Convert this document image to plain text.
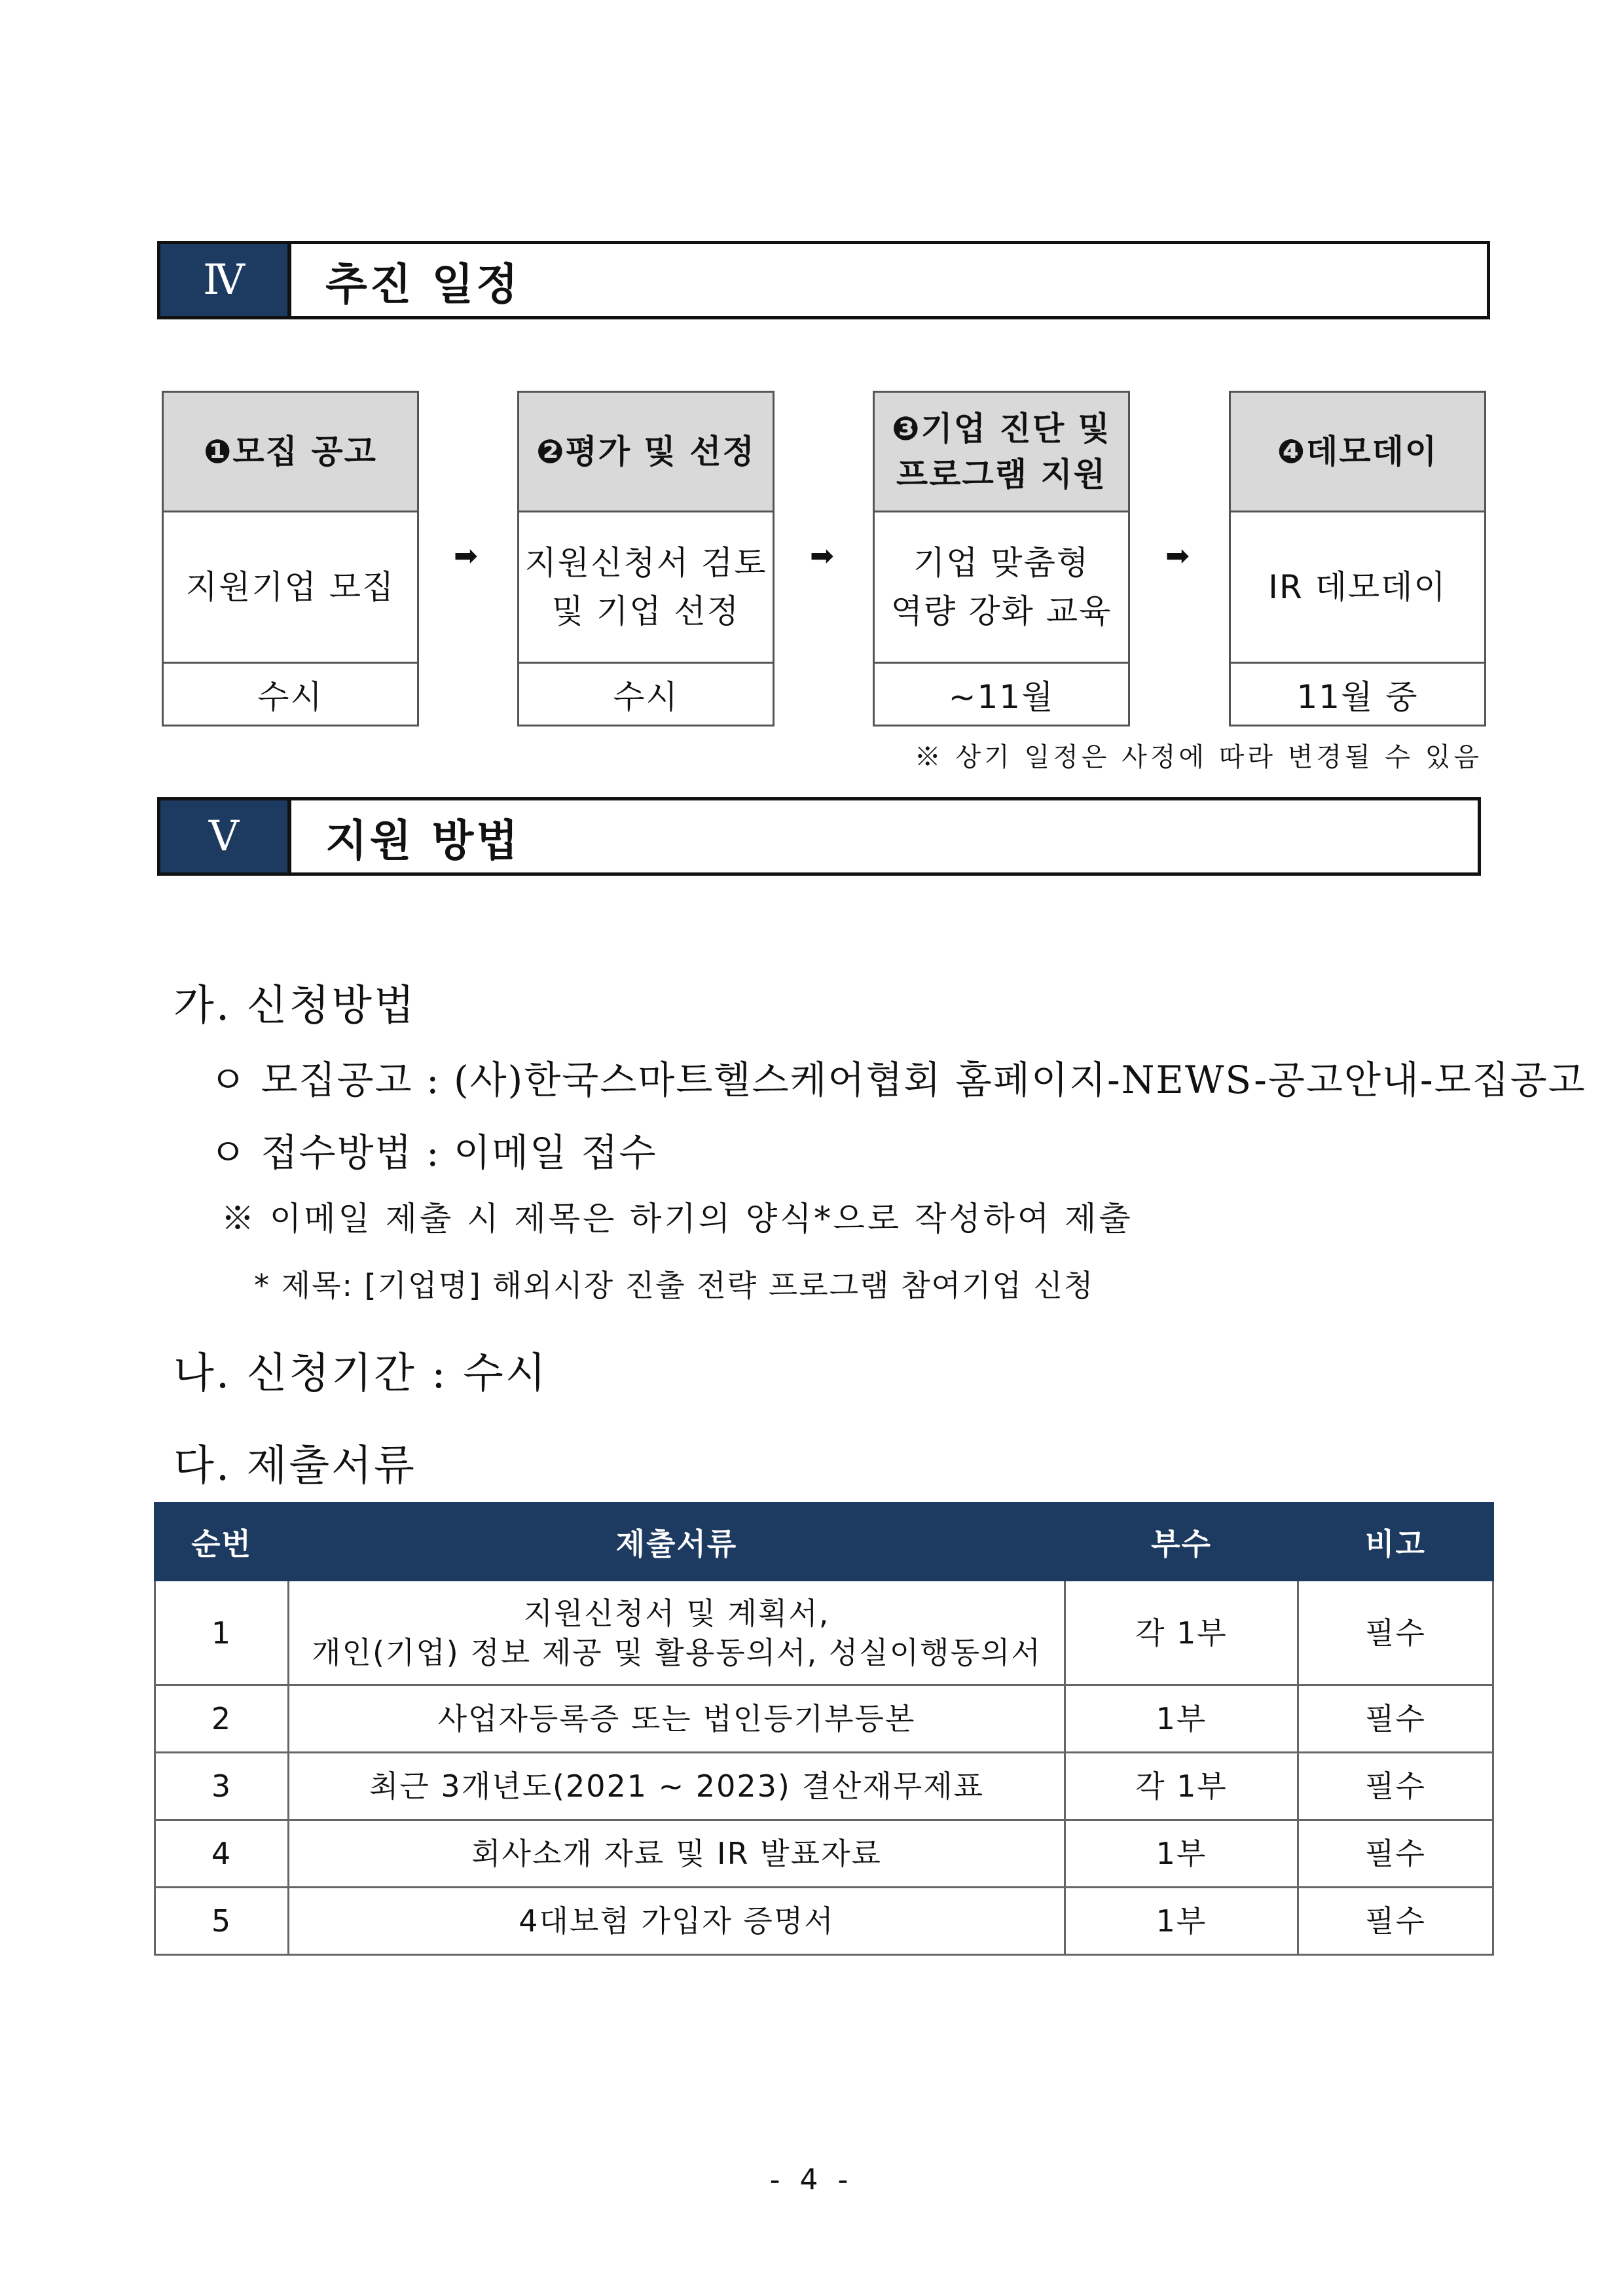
Ⅳ	추진 일정
❶모집 공고
지원기업 모집
수시
➡
❷평가 및 선정
지원신청서 검토
및 기업 선정
수시
➡
❸기업 진단 및
프로그램 지원
기업 맞춤형
역량 강화 교육
~11월
➡
❹데모데이
IR 데모데이
11월 중
※ 상기 일정은 사정에 따라 변경될 수 있음
Ⅴ	지원 방법
가. 신청방법
ㅇ 모집공고 : (사)한국스마트헬스케어협회 홈페이지-NEWS-공고안내-모집공고
ㅇ 접수방법 : 이메일 접수
※ 이메일 제출 시 제목은 하기의 양식*으로 작성하여 제출
* 제목: [기업명] 해외시장 진출 전략 프로그램 참여기업 신청
나. 신청기간 : 수시
다. 제출서류
순번	제출서류	부수	비고
1	지원신청서 및 계획서,
개인(기업) 정보 제공 및 활용동의서, 성실이행동의서	각 1부	필수
2	사업자등록증 또는 법인등기부등본	1부	필수
3	최근 3개년도(2021 ~ 2023) 결산재무제표	각 1부	필수
4	회사소개 자료 및 IR 발표자료	1부	필수
5	4대보험 가입자 증명서	1부	필수
- 4 -
